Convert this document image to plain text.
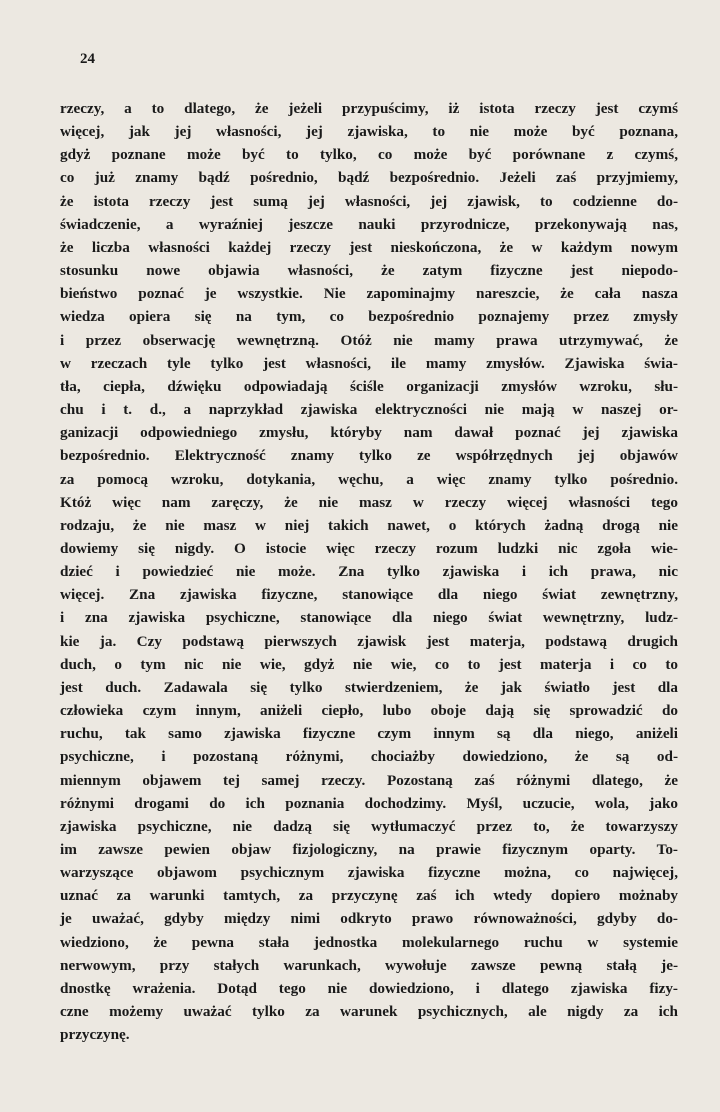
24
rzeczy, a to dlatego, że jeżeli przypuścimy, iż istota rzeczy jest czymś
więcej, jak jej własności, jej zjawiska, to nie może być poznana,
gdyż poznane może być to tylko, co może być porównane z czymś,
co już znamy bądź pośrednio, bądź bezpośrednio. Jeżeli zaś przyjmiemy,
że istota rzeczy jest sumą jej własności, jej zjawisk, to codzienne do-
świadczenie, a wyraźniej jeszcze nauki przyrodnicze, przekonywają nas,
że liczba własności każdej rzeczy jest nieskończona, że w każdym nowym
stosunku nowe objawia własności, że zatym fizyczne jest niepodo-
bieństwo poznać je wszystkie. Nie zapominajmy nareszcie, że cała nasza
wiedza opiera się na tym, co bezpośrednio poznajemy przez zmysły
i przez obserwację wewnętrzną. Otóż nie mamy prawa utrzymywać, że
w rzeczach tyle tylko jest własności, ile mamy zmysłów. Zjawiska świa-
tła, ciepła, dźwięku odpowiadają ściśle organizacji zmysłów wzroku, słu-
chu i t. d., a naprzykład zjawiska elektryczności nie mają w naszej or-
ganizacji odpowiedniego zmysłu, któryby nam dawał poznać jej zjawiska
bezpośrednio. Elektryczność znamy tylko ze współrzędnych jej objawów
za pomocą wzroku, dotykania, węchu, a więc znamy tylko pośrednio.
Któż więc nam zaręczy, że nie masz w rzeczy więcej własności tego
rodzaju, że nie masz w niej takich nawet, o których żadną drogą nie
dowiemy się nigdy. O istocie więc rzeczy rozum ludzki nic zgoła wie-
dzieć i powiedzieć nie może. Zna tylko zjawiska i ich prawa, nic
więcej. Zna zjawiska fizyczne, stanowiące dla niego świat zewnętrzny,
i zna zjawiska psychiczne, stanowiące dla niego świat wewnętrzny, ludz-
kie ja. Czy podstawą pierwszych zjawisk jest materja, podstawą drugich
duch, o tym nic nie wie, gdyż nie wie, co to jest materja i co to
jest duch. Zadawala się tylko stwierdzeniem, że jak światło jest dla
człowieka czym innym, aniżeli ciepło, lubo oboje dają się sprowadzić do
ruchu, tak samo zjawiska fizyczne czym innym są dla niego, aniżeli
psychiczne, i pozostaną różnymi, chociażby dowiedziono, że są od-
miennym objawem tej samej rzeczy. Pozostaną zaś różnymi dlatego, że
różnymi drogami do ich poznania dochodzimy. Myśl, uczucie, wola, jako
zjawiska psychiczne, nie dadzą się wytłumaczyć przez to, że towarzyszy
im zawsze pewien objaw fizjologiczny, na prawie fizycznym oparty. To-
warzyszące objawom psychicznym zjawiska fizyczne można, co najwięcej,
uznać za warunki tamtych, za przyczynę zaś ich wtedy dopiero możnaby
je uważać, gdyby między nimi odkryto prawo równoważności, gdyby do-
wiedziono, że pewna stała jednostka molekularnego ruchu w systemie
nerwowym, przy stałych warunkach, wywołuje zawsze pewną stałą je-
dnostkę wrażenia. Dotąd tego nie dowiedziono, i dlatego zjawiska fizy-
czne możemy uważać tylko za warunek psychicznych, ale nigdy za ich
przyczynę.
